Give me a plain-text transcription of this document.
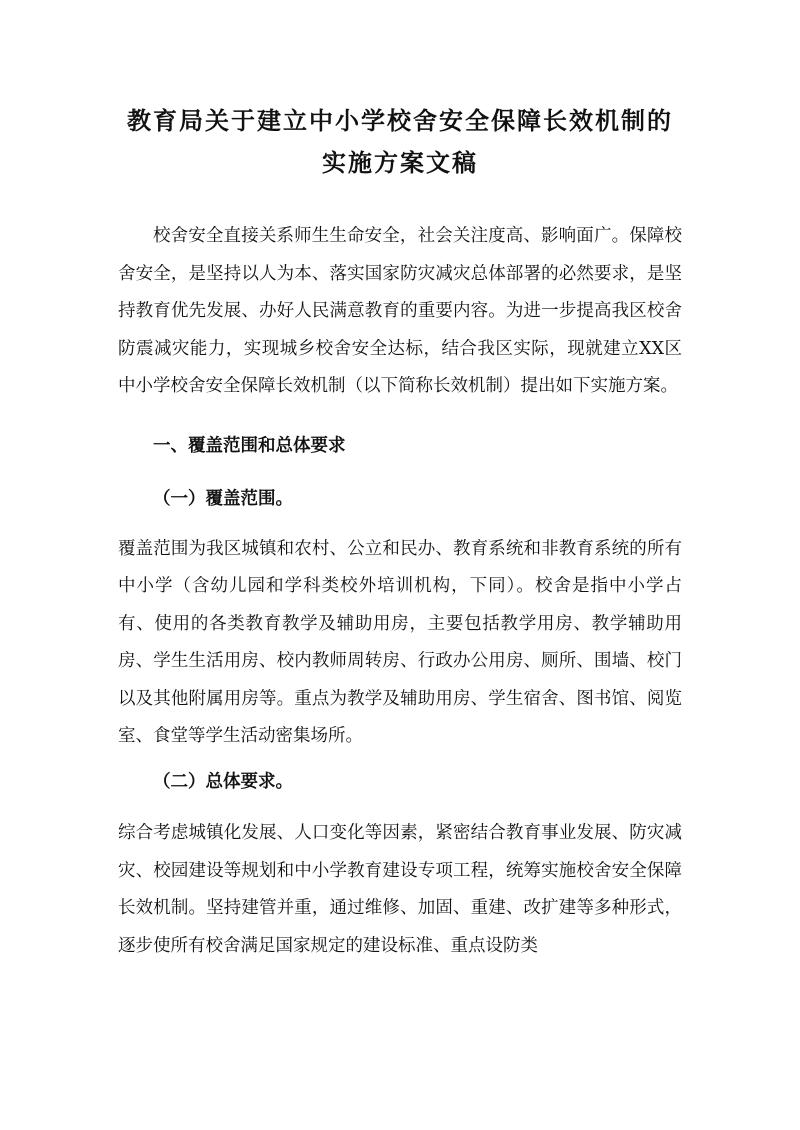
教育局关于建立中小学校舍安全保障长效机制的实施方案文稿

校舍安全直接关系师生生命安全，社会关注度高、影响面广。保障校舍安全，是坚持以人为本、落实国家防灾减灾总体部署的必然要求，是坚持教育优先发展、办好人民满意教育的重要内容。为进一步提高我区校舍防震减灾能力，实现城乡校舍安全达标，结合我区实际，现就建立XX区中小学校舍安全保障长效机制（以下简称长效机制）提出如下实施方案。

一、覆盖范围和总体要求

（一）覆盖范围。

覆盖范围为我区城镇和农村、公立和民办、教育系统和非教育系统的所有中小学（含幼儿园和学科类校外培训机构，下同）。校舍是指中小学占有、使用的各类教育教学及辅助用房，主要包括教学用房、教学辅助用房、学生生活用房、校内教师周转房、行政办公用房、厕所、围墙、校门以及其他附属用房等。重点为教学及辅助用房、学生宿舍、图书馆、阅览室、食堂等学生活动密集场所。

（二）总体要求。

综合考虑城镇化发展、人口变化等因素，紧密结合教育事业发展、防灾减灾、校园建设等规划和中小学教育建设专项工程，统筹实施校舍安全保障长效机制。坚持建管并重，通过维修、加固、重建、改扩建等多种形式，逐步使所有校舍满足国家规定的建设标准、重点设防类
